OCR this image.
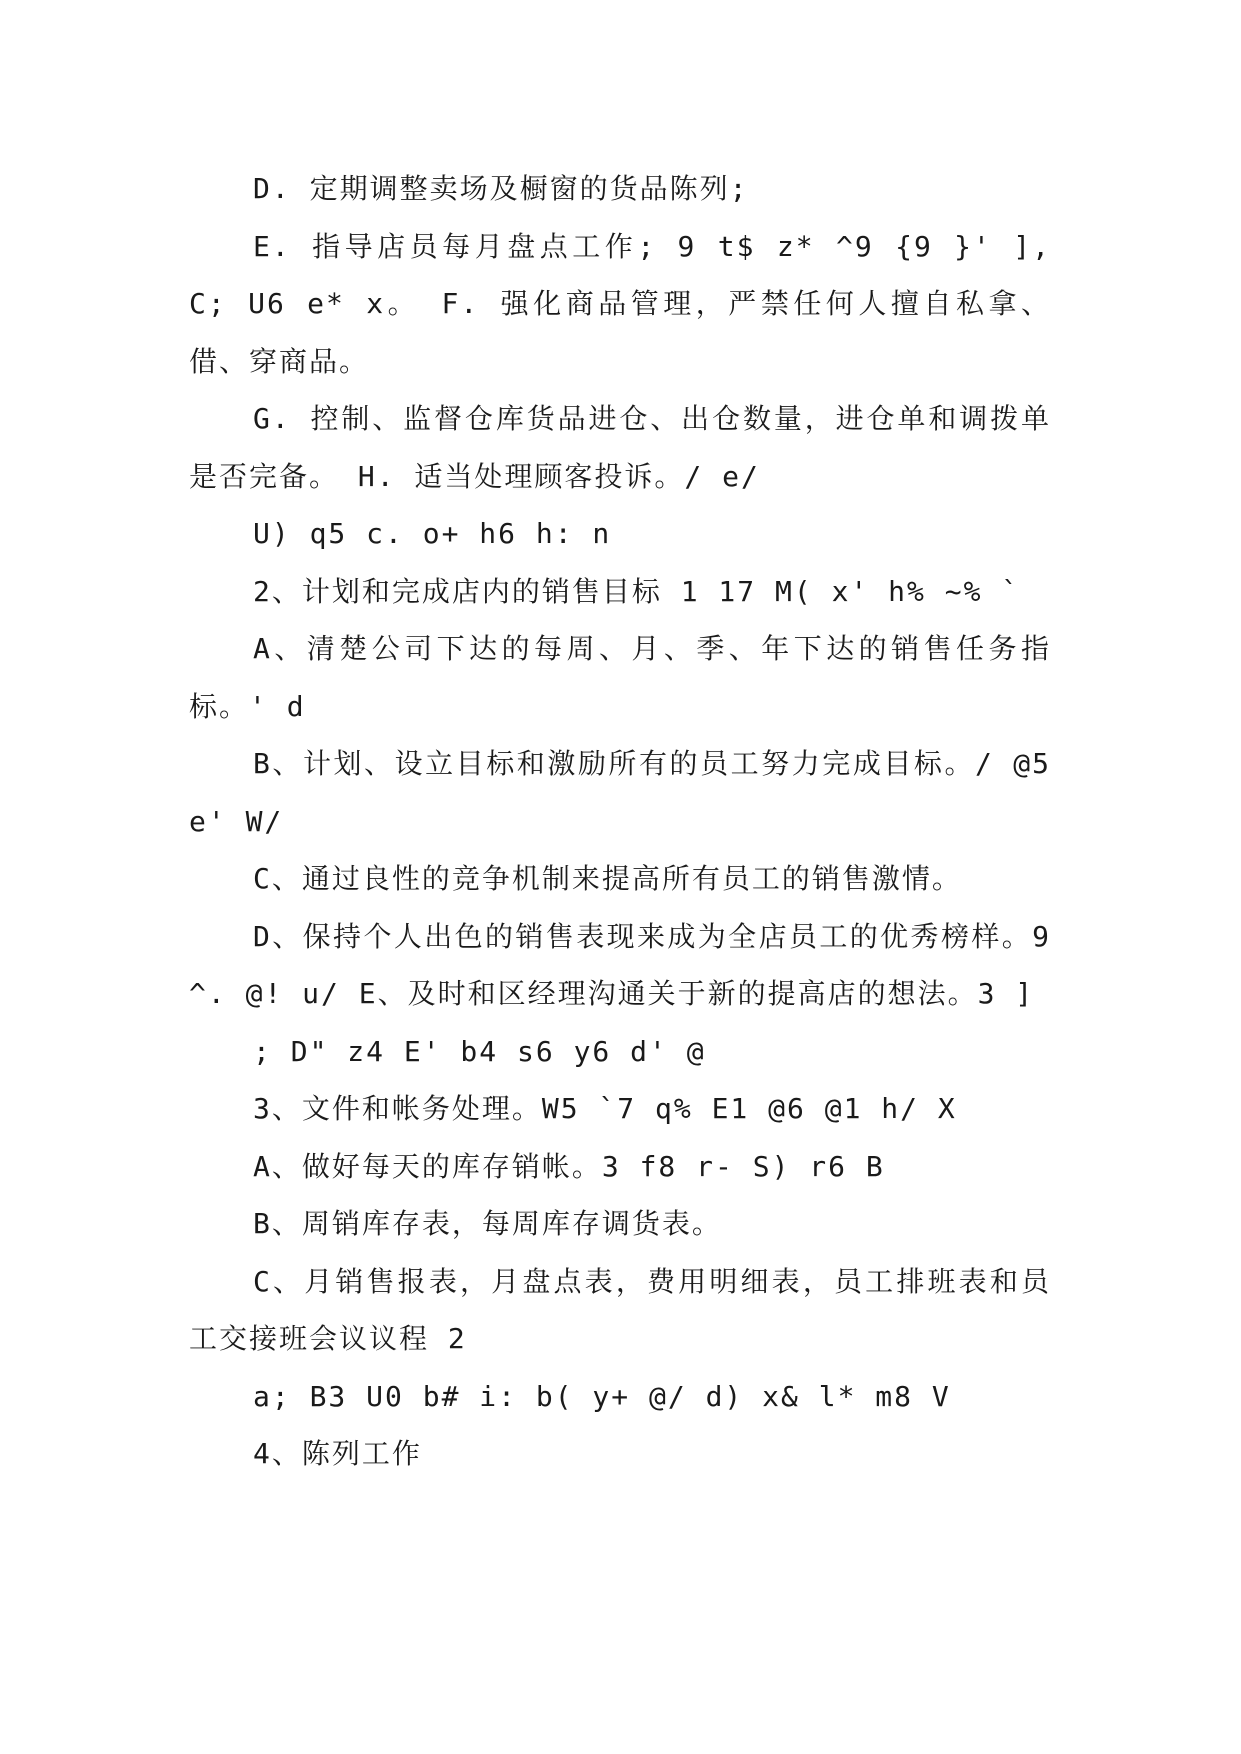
D. 定期调整卖场及橱窗的货品陈列;

E. 指导店员每月盘点工作; 9 t$ z* ^9 {9 }' ], C; U6 e* x。 F. 强化商品管理，严禁任何人擅自私拿、借、穿商品。

G. 控制、监督仓库货品进仓、出仓数量，进仓单和调拨单是否完备。 H. 适当处理顾客投诉。/ e/

U) q5 c. o+ h6 h: n

2、计划和完成店内的销售目标 1 17 M( x' h% ~% `

A、清楚公司下达的每周、月、季、年下达的销售任务指标。' d

B、计划、设立目标和激励所有的员工努力完成目标。/ @5 e' W/

C、通过良性的竞争机制来提高所有员工的销售激情。

D、保持个人出色的销售表现来成为全店员工的优秀榜样。9 ^. @! u/ E、及时和区经理沟通关于新的提高店的想法。3 ]

; D" z4 E' b4 s6 y6 d' @

3、文件和帐务处理。W5 `7 q% E1 @6 @1 h/ X

A、做好每天的库存销帐。3 f8 r- S) r6 B

B、周销库存表，每周库存调货表。

C、月销售报表，月盘点表，费用明细表，员工排班表和员工交接班会议议程 2

a; B3 U0 b# i: b( y+ @/ d) x& l* m8 V

4、陈列工作
